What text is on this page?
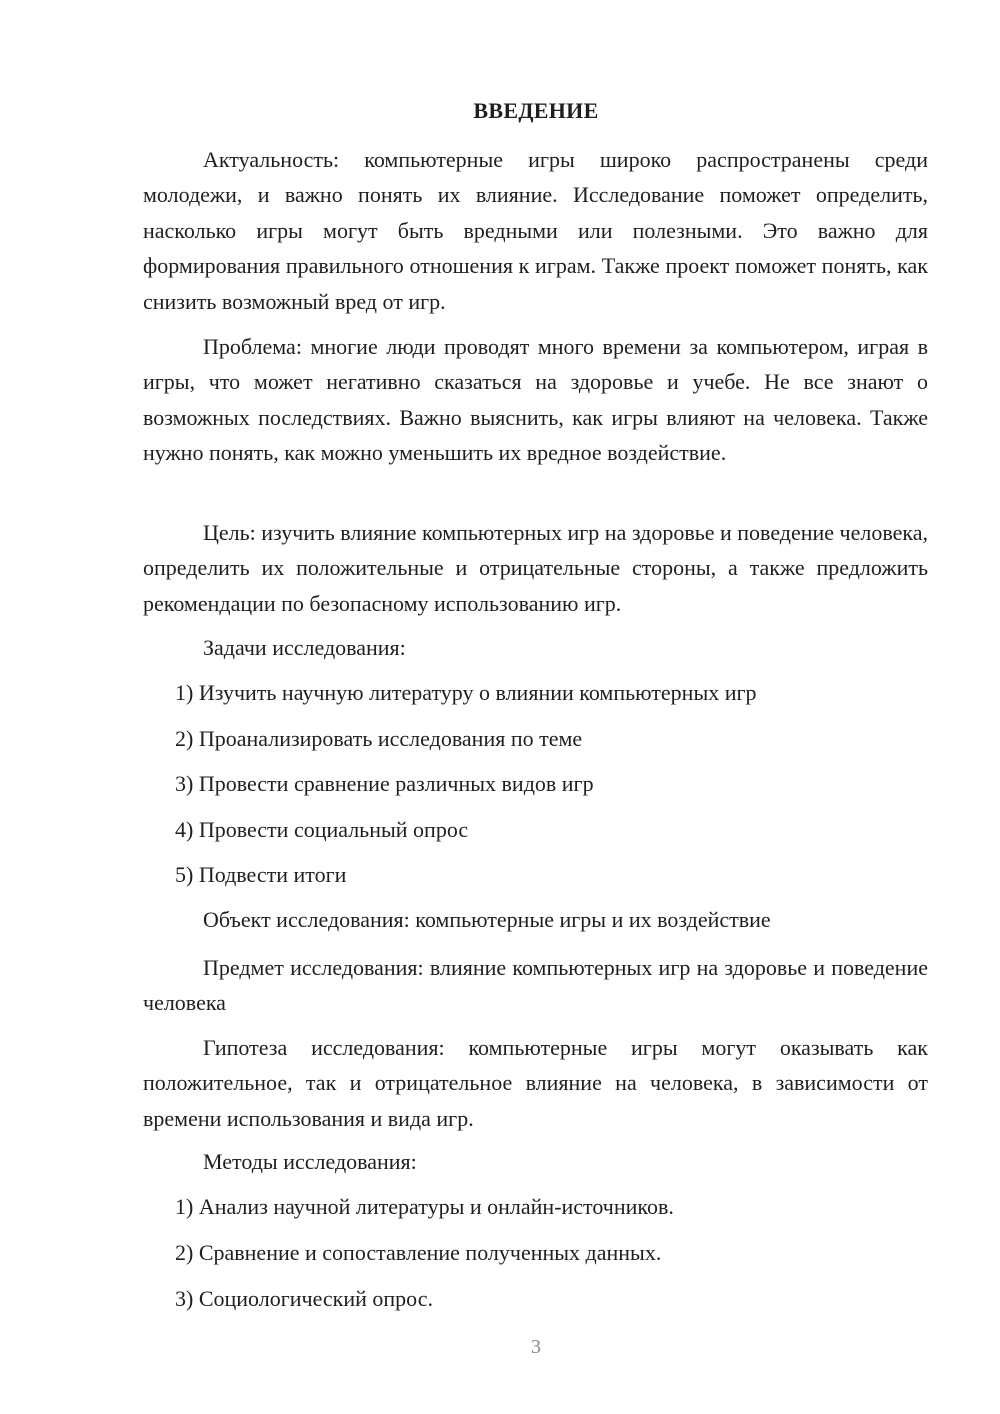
ВВЕДЕНИЕ

Актуальность: компьютерные игры широко распространены среди молодежи, и важно понять их влияние. Исследование поможет определить, насколько игры могут быть вредными или полезными. Это важно для формирования правильного отношения к играм. Также проект поможет понять, как снизить возможный вред от игр.

Проблема: многие люди проводят много времени за компьютером, играя в игры, что может негативно сказаться на здоровье и учебе. Не все знают о возможных последствиях. Важно выяснить, как игры влияют на человека. Также нужно понять, как можно уменьшить их вредное воздействие.

Цель: изучить влияние компьютерных игр на здоровье и поведение человека, определить их положительные и отрицательные стороны, а также предложить рекомендации по безопасному использованию игр.

Задачи исследования:

1) Изучить научную литературу о влиянии компьютерных игр

2) Проанализировать исследования по теме

3) Провести сравнение различных видов игр

4) Провести социальный опрос

5) Подвести итоги

Объект исследования: компьютерные игры и их воздействие

Предмет исследования: влияние компьютерных игр на здоровье и поведение человека

Гипотеза исследования: компьютерные игры могут оказывать как положительное, так и отрицательное влияние на человека, в зависимости от времени использования и вида игр.

Методы исследования:

1) Анализ научной литературы и онлайн-источников.

2) Сравнение и сопоставление полученных данных.

3) Социологический опрос.

3
